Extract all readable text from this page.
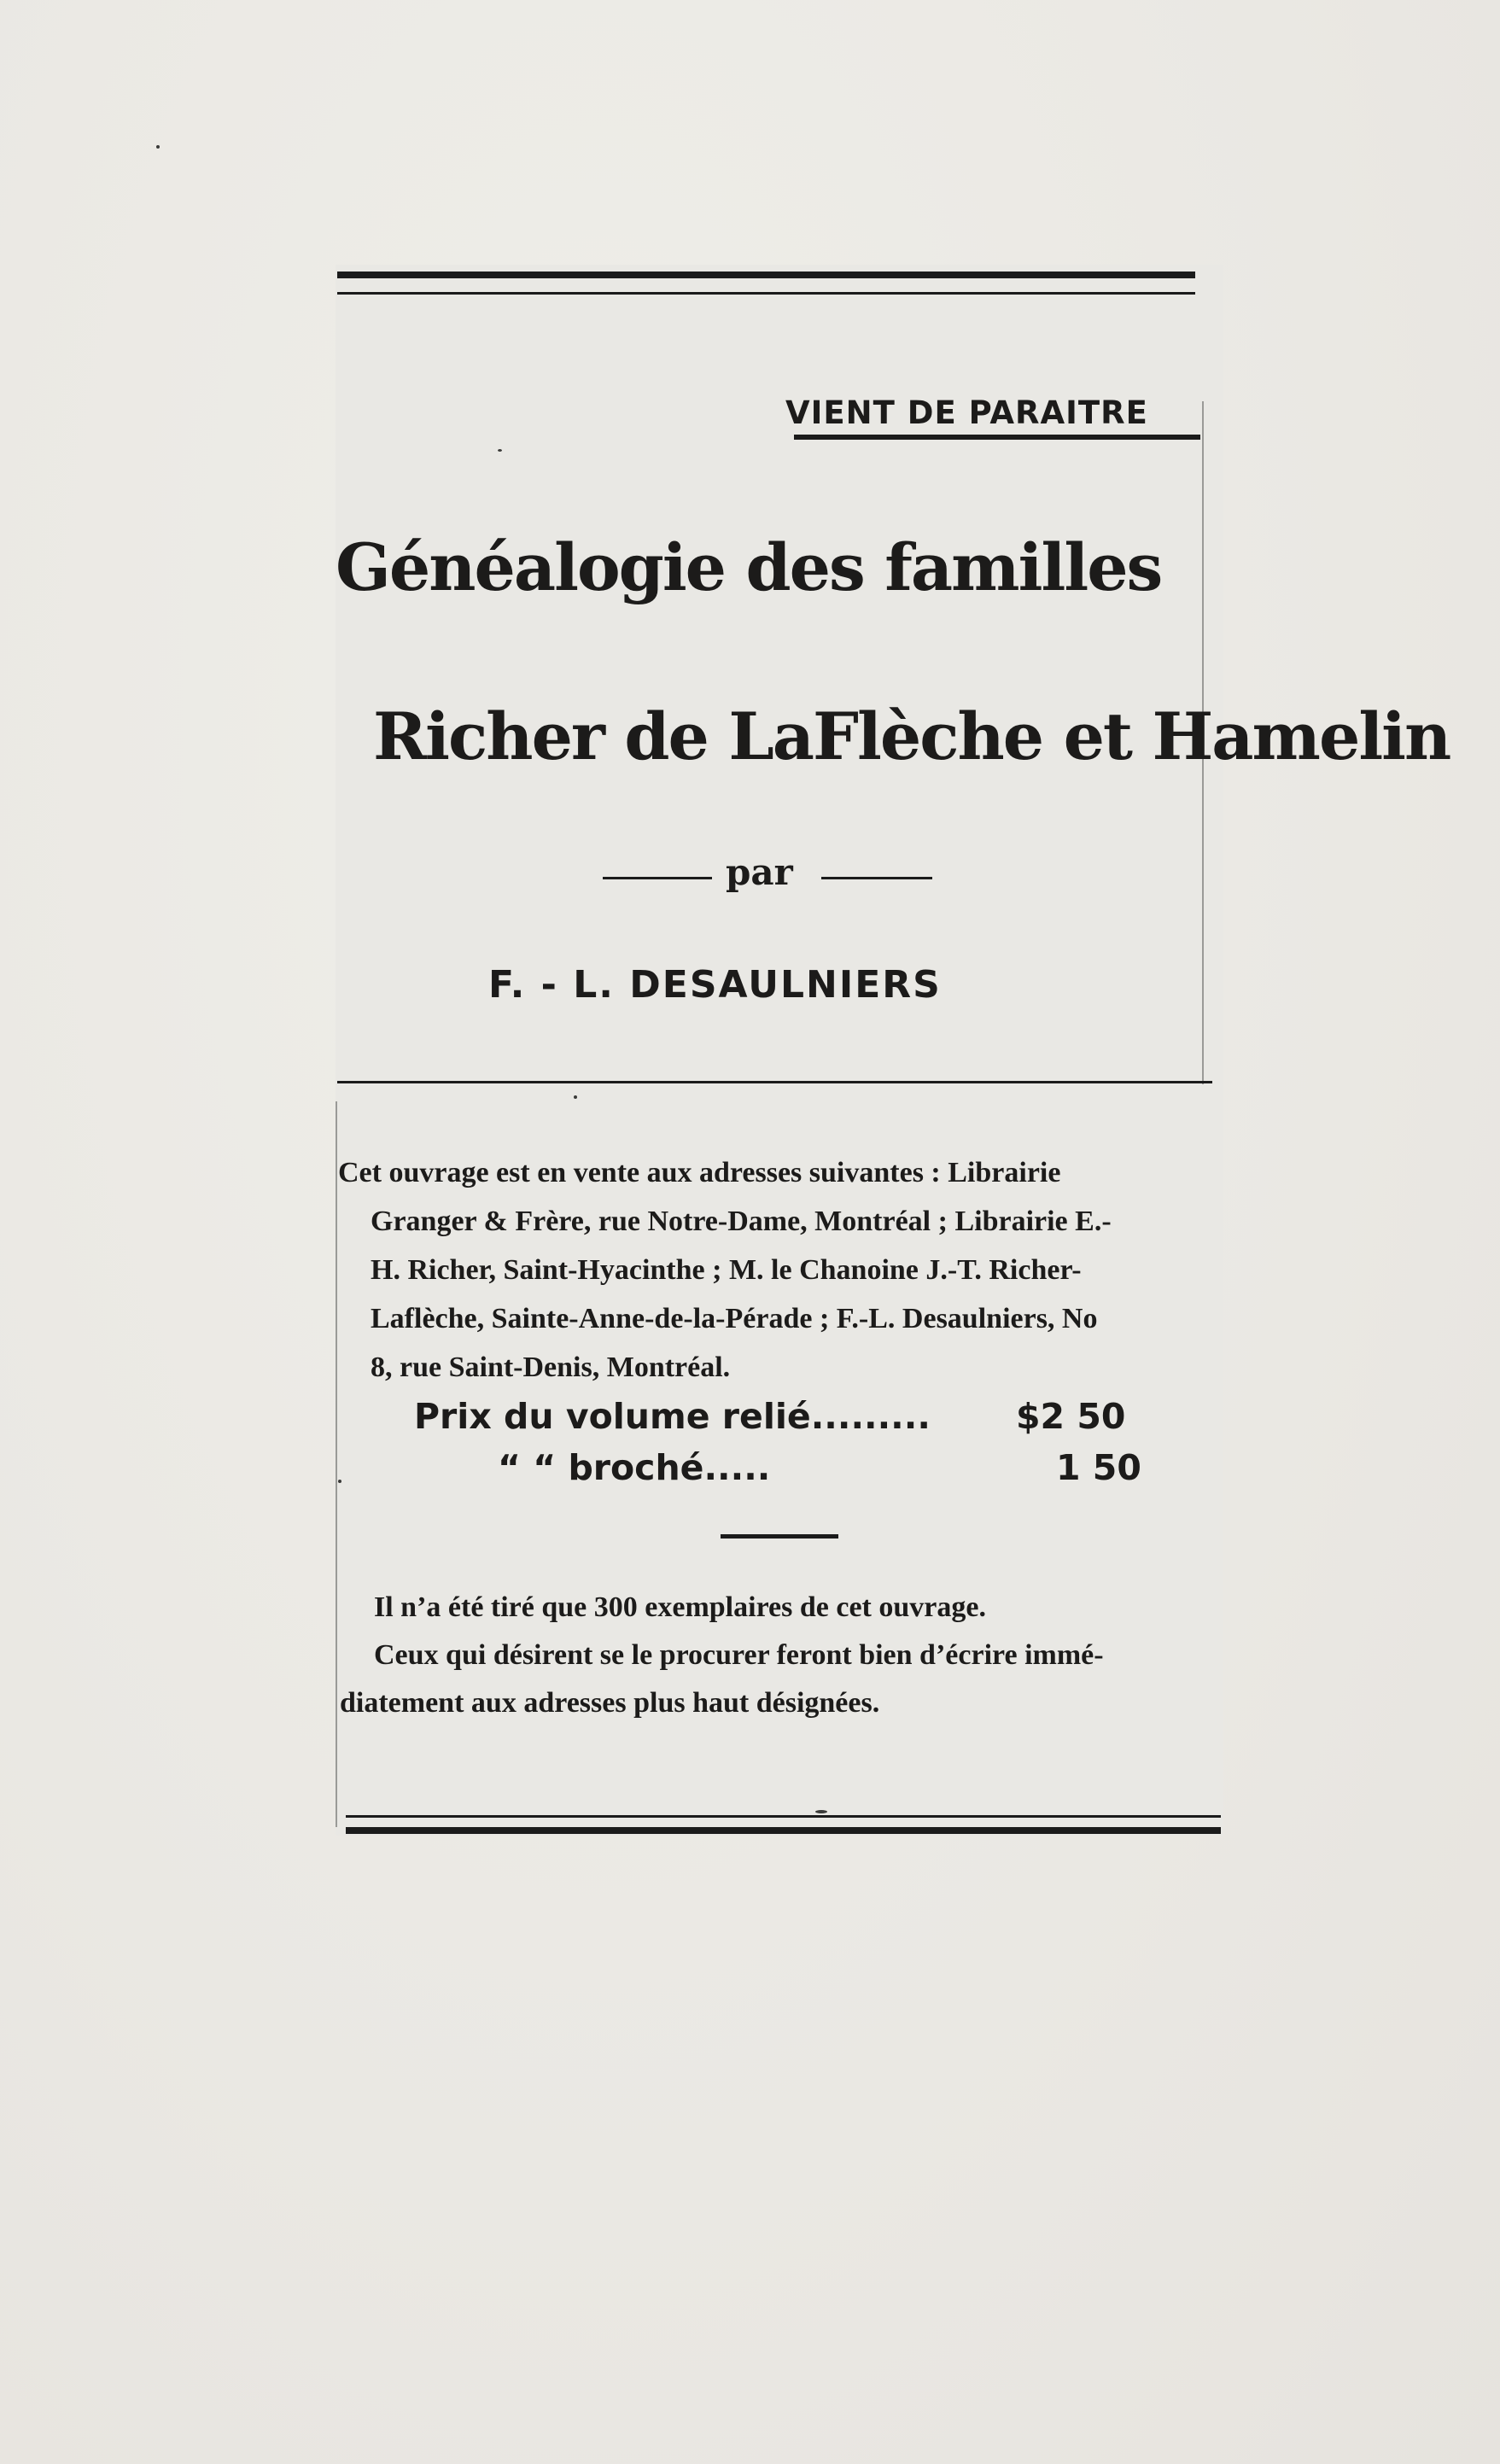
VIENT DE PARAITRE
Généalogie des familles
Richer de LaFlèche et Hamelin
par
F. - L. DESAULNIERS
Cet ouvrage est en vente aux adresses suivantes : Librairie
Granger & Frère, rue Notre-Dame, Montréal ; Librairie E.-
H. Richer, Saint-Hyacinthe ; M. le Chanoine J.-T. Richer-
Laflèche, Sainte-Anne-de-la-Pérade ; F.-L. Desaulniers, No
8, rue Saint-Denis, Montréal.
Prix du volume relié......... $2 50
“ “ broché.....	1 50
Il n’a été tiré que 300 exemplaires de cet ouvrage.
Ceux qui désirent se le procurer feront bien d’écrire immé-
diatement aux adresses plus haut désignées.
